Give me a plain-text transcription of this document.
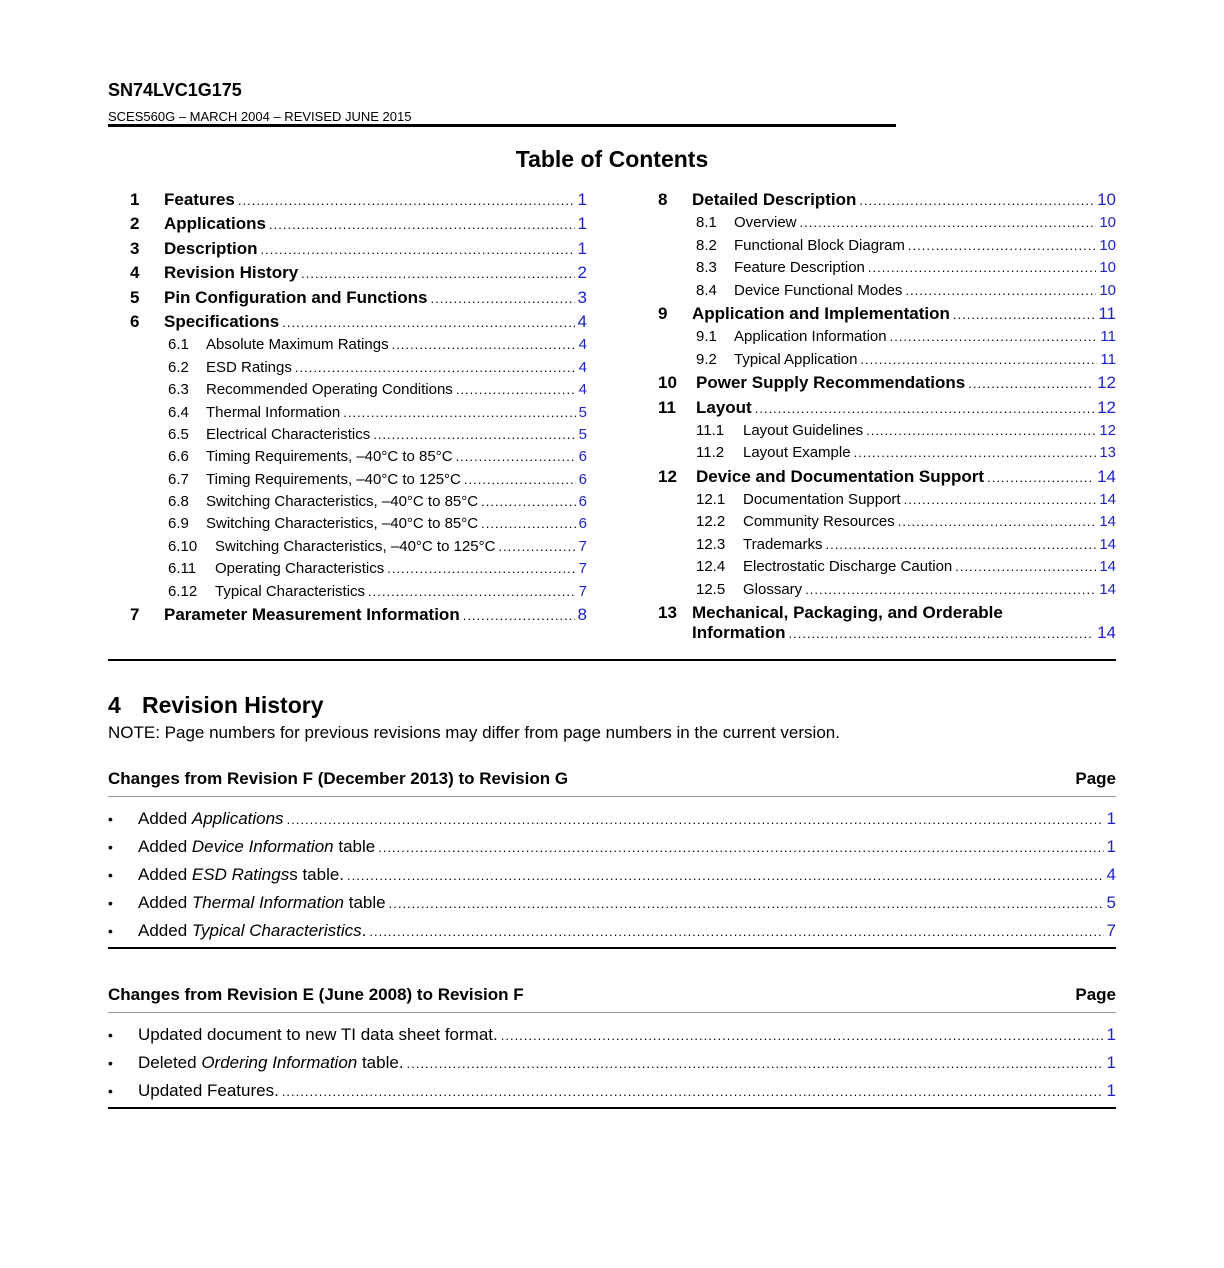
SN74LVC1G175
SCES560G – MARCH 2004 – REVISED JUNE 2015
Table of Contents
1	Features .....	1
2	Applications .....	1
3	Description .....	1
4	Revision History .....	2
5	Pin Configuration and Functions .....	3
6	Specifications .....	4
6.1	Absolute Maximum Ratings .....	4
6.2	ESD Ratings .....	4
6.3	Recommended Operating Conditions .....	4
6.4	Thermal Information .....	5
6.5	Electrical Characteristics .....	5
6.6	Timing Requirements, –40°C to 85°C .....	6
6.7	Timing Requirements, –40°C to 125°C .....	6
6.8	Switching Characteristics, –40°C to 85°C .....	6
6.9	Switching Characteristics, –40°C to 85°C .....	6
6.10	Switching Characteristics, –40°C to 125°C .....	7
6.11	Operating Characteristics .....	7
6.12	Typical Characteristics .....	7
7	Parameter Measurement Information .....	8
8	Detailed Description .....	10
8.1	Overview .....	10
8.2	Functional Block Diagram .....	10
8.3	Feature Description .....	10
8.4	Device Functional Modes .....	10
9	Application and Implementation .....	11
9.1	Application Information .....	11
9.2	Typical Application .....	11
10	Power Supply Recommendations .....	12
11	Layout .....	12
11.1	Layout Guidelines .....	12
11.2	Layout Example .....	13
12	Device and Documentation Support .....	14
12.1	Documentation Support .....	14
12.2	Community Resources .....	14
12.3	Trademarks .....	14
12.4	Electrostatic Discharge Caution .....	14
12.5	Glossary .....	14
13 Mechanical, Packaging, and Orderable
Information .....	14
4 Revision History
NOTE: Page numbers for previous revisions may differ from page numbers in the current version.
Changes from Revision F (December 2013) to Revision G	Page
•	Added Applications .....	1
•	Added Device Information table .....	1
•	Added ESD Ratingss table. .....	4
•	Added Thermal Information table .....	5
•	Added Typical Characteristics. .....	7
Changes from Revision E (June 2008) to Revision F	Page
•	Updated document to new TI data sheet format. .....	1
•	Deleted Ordering Information table. .....	1
•	Updated Features. .....	1
